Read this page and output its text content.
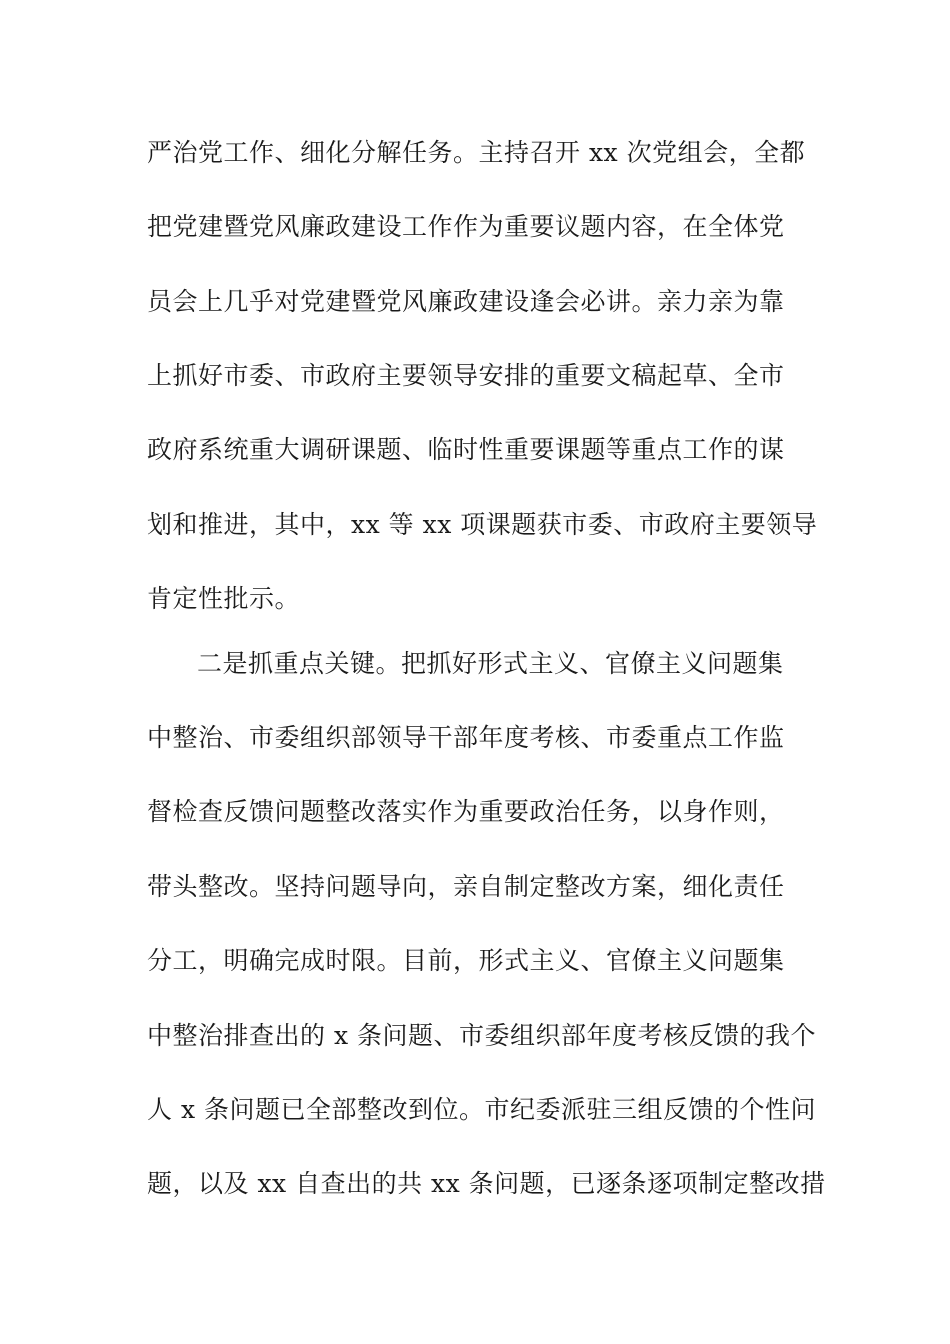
严治党工作、细化分解任务。主持召开 xx 次党组会，全都
把党建暨党风廉政建设工作作为重要议题内容，在全体党
员会上几乎对党建暨党风廉政建设逢会必讲。亲力亲为靠
上抓好市委、市政府主要领导安排的重要文稿起草、全市
政府系统重大调研课题、临时性重要课题等重点工作的谋
划和推进，其中，xx 等 xx 项课题获市委、市政府主要领导
肯定性批示。
二是抓重点关键。把抓好形式主义、官僚主义问题集
中整治、市委组织部领导干部年度考核、市委重点工作监
督检查反馈问题整改落实作为重要政治任务，以身作则，
带头整改。坚持问题导向，亲自制定整改方案，细化责任
分工，明确完成时限。目前，形式主义、官僚主义问题集
中整治排查出的 x 条问题、市委组织部年度考核反馈的我个
人 x 条问题已全部整改到位。市纪委派驻三组反馈的个性问
题，以及 xx 自查出的共 xx 条问题，已逐条逐项制定整改措
